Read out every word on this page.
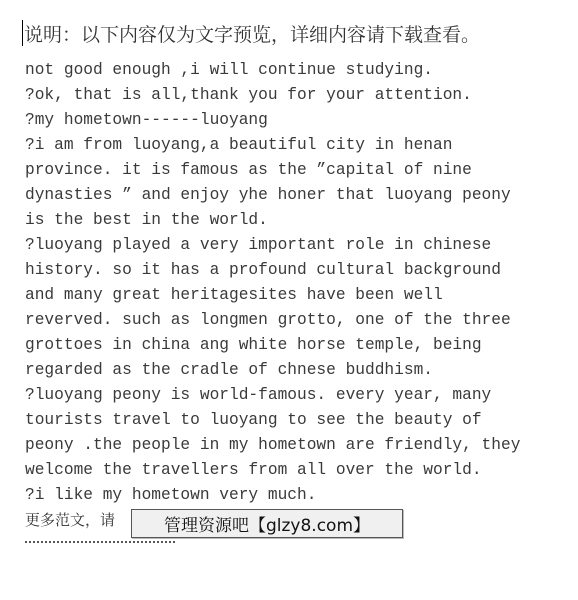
说明：以下内容仅为文字预览，详细内容请下载查看。
not good enough ,i will continue studying.
?ok, that is all,thank you for your attention.
?my hometown------luoyang
?i am from luoyang,a beautiful city in henan
province. it is famous as the ”capital of nine
dynasties ” and enjoy yhe honer that luoyang peony
is the best in the world.
?luoyang played a very important role in chinese
history. so it has a profound cultural background
and many great heritagesites have been well
reverved. such as longmen grotto, one of the three
grottoes in china ang white horse temple, being
regarded as the cradle of chnese buddhism.
?luoyang peony is world-famous. every year, many
tourists travel to luoyang to see the beauty of
peony .the people in my hometown are friendly, they
welcome the travellers from all over the world.
?i like my hometown very much.
更多范文，请	管理资源吧【glzy8.com】
